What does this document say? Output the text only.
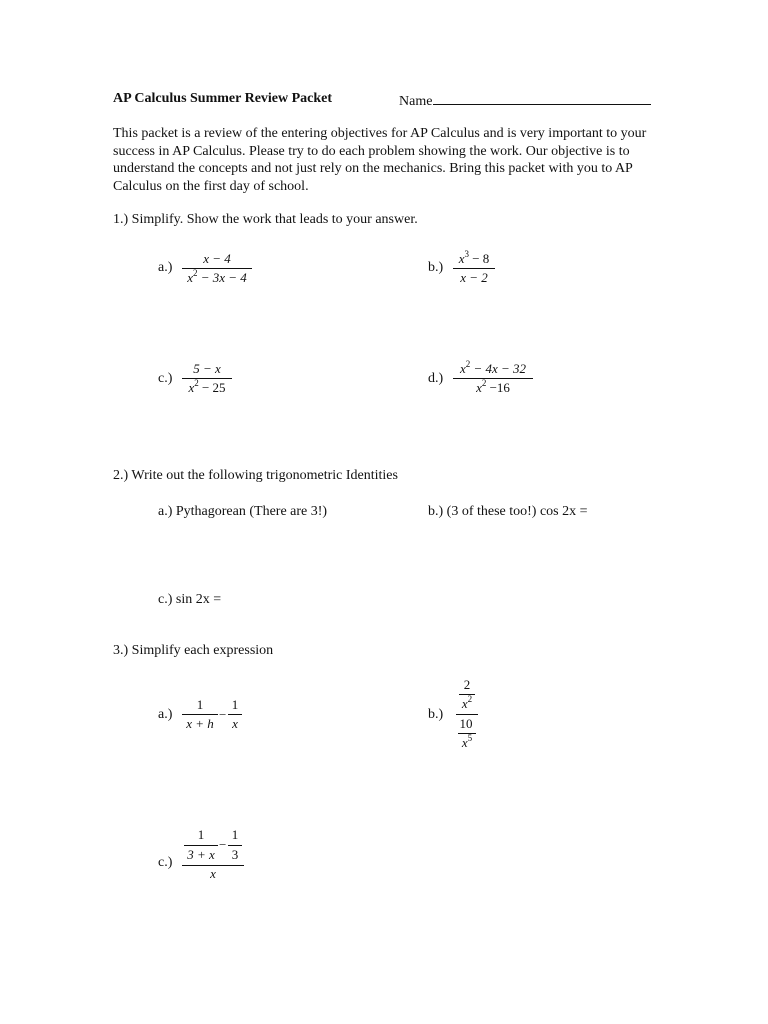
AP Calculus Summer Review Packet	Name
This packet is a review of the entering objectives for AP Calculus and is very important to your success in AP Calculus. Please try to do each problem showing the work. Our objective is to understand the concepts and not just rely on the mechanics. Bring this packet with you to AP Calculus on the first day of school.
1.) Simplify. Show the work that leads to your answer.
a.)
x − 4
$x^2 - 3x - 4$
b.)
$x^3 - 8$
x − 2
c.)
5 − x
$x^2 - 25$
d.)
$x^2 - 4x - 32$
$x^2 -16$
2.) Write out the following trigonometric Identities
a.) Pythagorean (There are 3!)	b.) (3 of these too!) cos 2x =
c.) sin 2x =
3.) Simplify each expression
a.)
1
x + h
−
1
x
b.)
2
$x^2$
10
$x^5$
c.)
1
3 + x
−
1
3
x
